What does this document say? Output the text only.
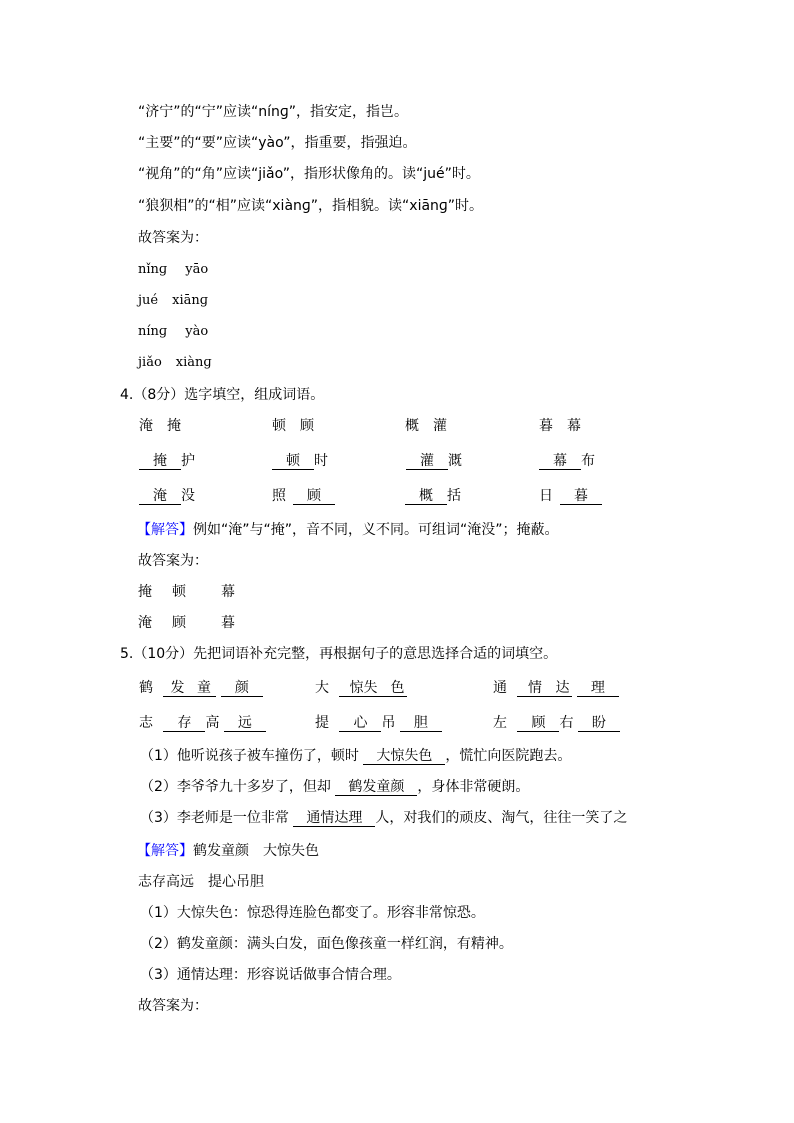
“济宁”的“宁”应读“nínɡ”，指安定，指岂。
“主要”的“要”应读“yào”，指重要，指强迫。
“视角”的“角”应读“jiǎo”，指形状像角的。读“jué”时。
“狼狈相”的“相”应读“xiànɡ”，指相貌。读“xiānɡ”时。
故答案为：
nǐnɡ yāo
jué xiānɡ
nínɡ yào
jiǎo xiànɡ
4.（8分）选字填空，组成词语。
淹　掩	顿　顾	概　灌	暮　幕
掩 护	顿 时	灌 溉	幕 布
淹 没	照 顾	概 括	日 暮
【解答】例如“淹”与“掩”，音不同，义不同。可组词“淹没”；掩蔽。
故答案为：
掩 顿	幕
淹 顾	暮
5.（10分）先把词语补充完整，再根据句子的意思选择合适的词填空。
鹤 发 童 颜	大 惊失 色	通 情 达 理
志 存 高 远	提 心 吊 胆	左 顾 右 盼
（1）他听说孩子被车撞伤了，顿时 大惊失色 ，慌忙向医院跑去。
（2）李爷爷九十多岁了，但却 鹤发童颜 ，身体非常硬朗。
（3）李老师是一位非常 通情达理 人，对我们的顽皮、淘气，往往一笑了之
【解答】鹤发童颜　大惊失色
志存高远　提心吊胆
（1）大惊失色：惊恐得连脸色都变了。形容非常惊恐。
（2）鹤发童颜：满头白发，面色像孩童一样红润，有精神。
（3）通情达理：形容说话做事合情合理。
故答案为：
